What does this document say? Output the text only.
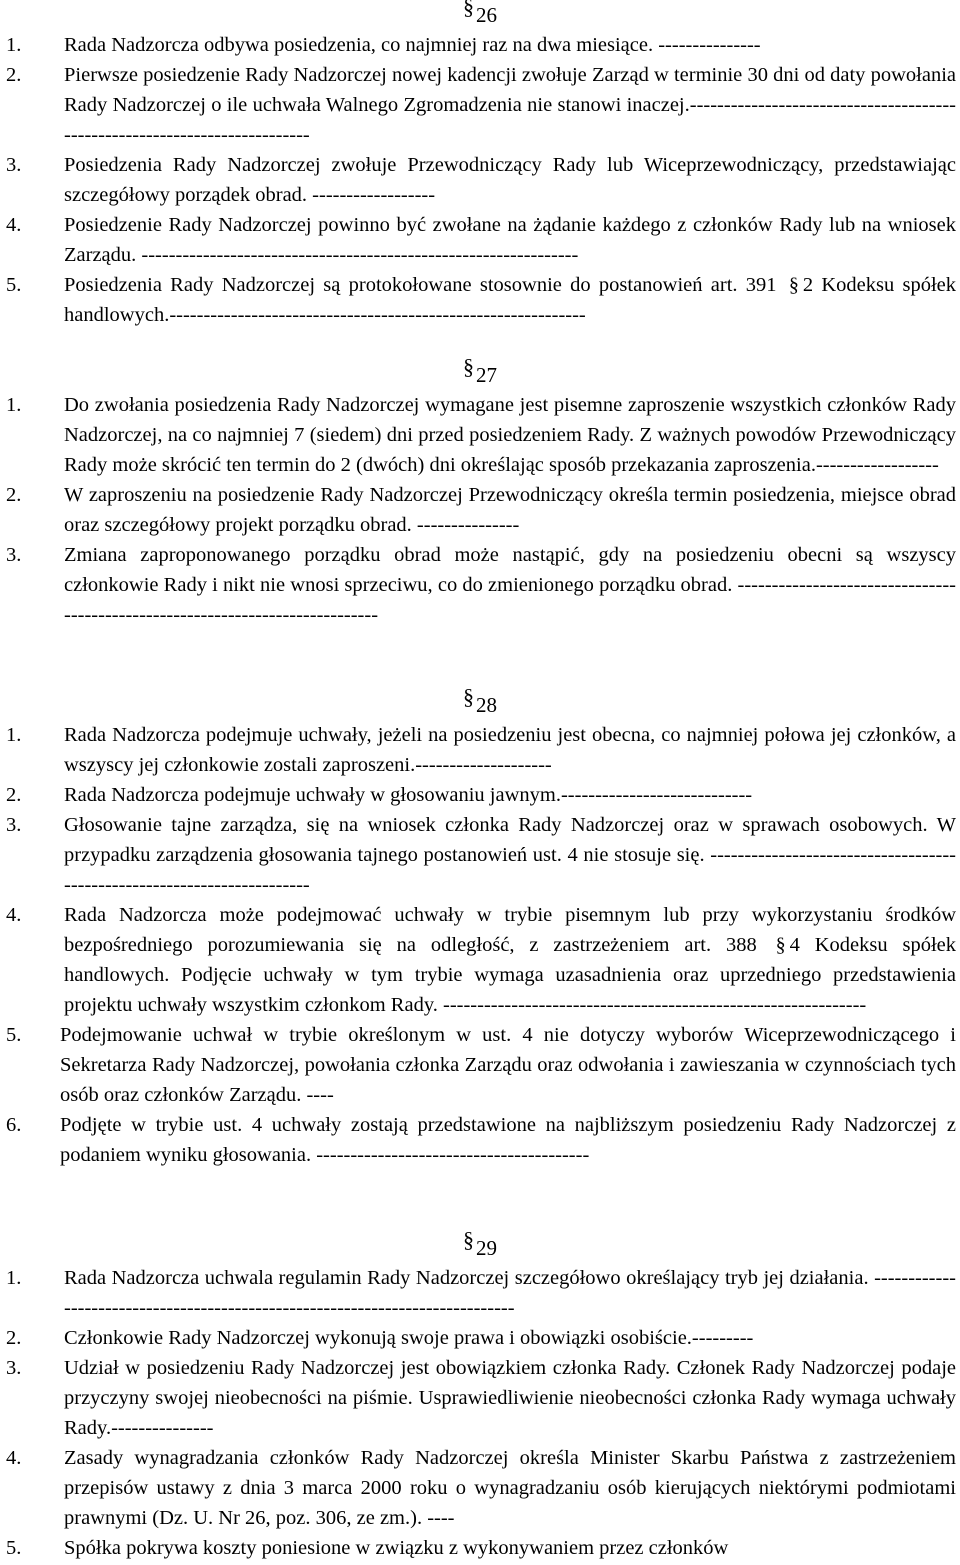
§26
1. Rada Nadzorcza odbywa posiedzenia, co najmniej raz na dwa miesiące. ---------------
2. Pierwsze posiedzenie Rady Nadzorczej nowej kadencji zwołuje Zarząd w terminie 30 dni od daty powołania Rady Nadzorczej o ile uchwała Walnego Zgromadzenia nie stanowi inaczej.---------------------------------------------------------------------------
3. Posiedzenia Rady Nadzorczej zwołuje Przewodniczący Rady lub Wiceprzewodniczący, przedstawiając szczegółowy porządek obrad. ------------------
4. Posiedzenie Rady Nadzorczej powinno być zwołane na żądanie każdego z członków Rady lub na wniosek Zarządu. ----------------------------------------------------------------
5. Posiedzenia Rady Nadzorczej są protokołowane stosownie do postanowień art. 391 § 2 Kodeksu spółek handlowych.-------------------------------------------------------------
§27
1. Do zwołania posiedzenia Rady Nadzorczej wymagane jest pisemne zaproszenie wszystkich członków Rady Nadzorczej, na co najmniej 7 (siedem) dni przed posiedzeniem Rady. Z ważnych powodów Przewodniczący Rady może skrócić ten termin do 2 (dwóch) dni określając sposób przekazania zaproszenia.------------------
2. W zaproszeniu na posiedzenie Rady Nadzorczej Przewodniczący określa termin posiedzenia, miejsce obrad oraz szczegółowy projekt porządku obrad. ---------------
3. Zmiana zaproponowanego porządku obrad może nastąpić, gdy na posiedzeniu obecni są wszyscy członkowie Rady i nikt nie wnosi sprzeciwu, co do zmienionego porządku obrad. ------------------------------------------------------------------------------
§28
1. Rada Nadzorcza podejmuje uchwały, jeżeli na posiedzeniu jest obecna, co najmniej połowa jej członków, a wszyscy jej członkowie zostali zaproszeni.--------------------
2. Rada Nadzorcza podejmuje uchwały w głosowaniu jawnym.----------------------------
3. Głosowanie tajne zarządza, się na wniosek członka Rady Nadzorczej oraz w sprawach osobowych. W przypadku zarządzenia głosowania tajnego postanowień ust. 4 nie stosuje się. ------------------------------------------------------------------------
4. Rada Nadzorcza może podejmować uchwały w trybie pisemnym lub przy wykorzystaniu środków bezpośredniego porozumiewania się na odległość, z zastrzeżeniem art. 388 § 4 Kodeksu spółek handlowych. Podjęcie uchwały w tym trybie wymaga uzasadnienia oraz uprzedniego przedstawienia projektu uchwały wszystkim członkom Rady. --------------------------------------------------------------
5. Podejmowanie uchwał w trybie określonym w ust. 4 nie dotyczy wyborów Wiceprzewodniczącego i Sekretarza Rady Nadzorczej, powołania członka Zarządu oraz odwołania i zawieszania w czynnościach tych osób oraz członków Zarządu. ----
6. Podjęte w trybie ust. 4 uchwały zostają przedstawione na najbliższym posiedzeniu Rady Nadzorczej z podaniem wyniku głosowania. ----------------------------------------
§29
1. Rada Nadzorcza uchwala regulamin Rady Nadzorczej szczegółowo określający tryb jej działania. ------------------------------------------------------------------------------
2. Członkowie Rady Nadzorczej wykonują swoje prawa i obowiązki osobiście.---------
3. Udział w posiedzeniu Rady Nadzorczej jest obowiązkiem członka Rady. Członek Rady Nadzorczej podaje przyczyny swojej nieobecności na piśmie. Usprawiedliwienie nieobecności członka Rady wymaga uchwały Rady.---------------
4. Zasady wynagradzania członków Rady Nadzorczej określa Minister Skarbu Państwa z zastrzeżeniem przepisów ustawy z dnia 3 marca 2000 roku o wynagradzaniu osób kierujących niektórymi podmiotami prawnymi (Dz. U. Nr 26, poz. 306, ze zm.). ----
5. Spółka pokrywa koszty poniesione w związku z wykonywaniem przez członków
